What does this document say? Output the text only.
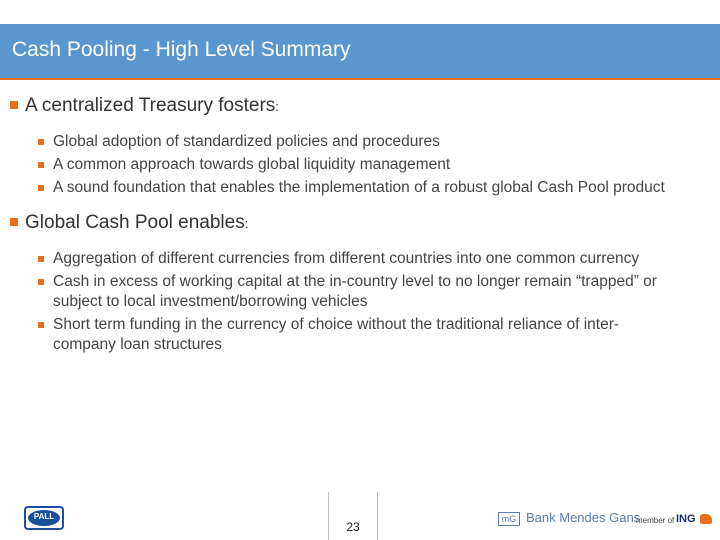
Cash Pooling - High Level Summary
A centralized Treasury fosters:
Global adoption of standardized policies and procedures
A common approach towards global liquidity management
A sound foundation that enables the implementation of a robust global Cash Pool product
Global Cash Pool enables:
Aggregation of different currencies from different countries into one common currency
Cash in excess of working capital at the in-country level to no longer remain “trapped” or subject to local investment/borrowing vehicles
Short term funding in the currency of choice without the traditional reliance of inter-company loan structures
PALL
23
mG Bank Mendes Gans
member of ING
